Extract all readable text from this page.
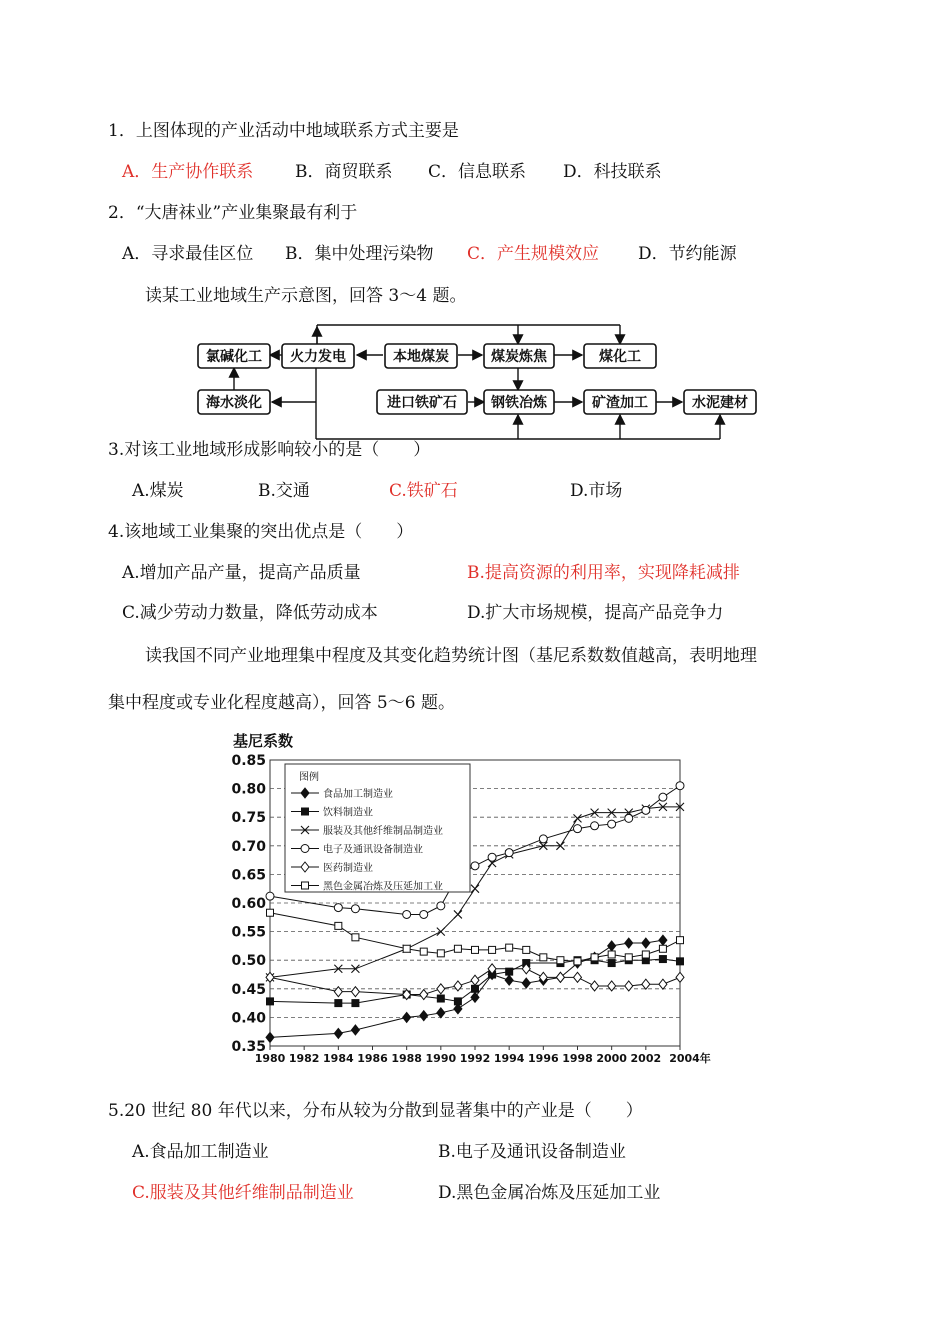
1．上图体现的产业活动中地域联系方式主要是
A．生产协作联系 B．商贸联系 C．信息联系 D．科技联系
2．“大唐袜业”产业集聚最有利于
A．寻求最佳区位 B．集中处理污染物 C．产生规模效应 D．节约能源
读某工业地域生产示意图，回答 3～4 题。
氯碱化工 火力发电	本地煤炭	煤炭炼焦	煤化工
海水淡化	进口铁矿石 钢铁冶炼	矿渣加工	水泥建材
3.对该工业地域形成影响较小的是（　　）
A.煤炭	B.交通	C.铁矿石	D.市场
4.该地域工业集聚的突出优点是（　　）
A.增加产品产量，提高产品质量	B.提高资源的利用率，实现降耗减排
C.减少劳动力数量，降低劳动成本	D.扩大市场规模，提高产品竞争力
读我国不同产业地理集中程度及其变化趋势统计图（基尼系数数值越高，表明地理
集中程度或专业化程度越高），回答 5～6 题。
基尼系数
0.85
0.80
0.75
0.70
0.65
0.60
0.55
0.50
0.45
0.40
0.35
1980 1982 1984 1986 1988 1990 1992 1994 1996 1998 2000 2002 2004年
图例
食品加工制造业
饮料制造业
服装及其他纤维制品制造业
电子及通讯设备制造业
医药制造业
黑色金属冶炼及压延加工业
5.20 世纪 80 年代以来，分布从较为分散到显著集中的产业是（　　）
A.食品加工制造业	B.电子及通讯设备制造业
C.服装及其他纤维制品制造业	D.黑色金属冶炼及压延加工业
